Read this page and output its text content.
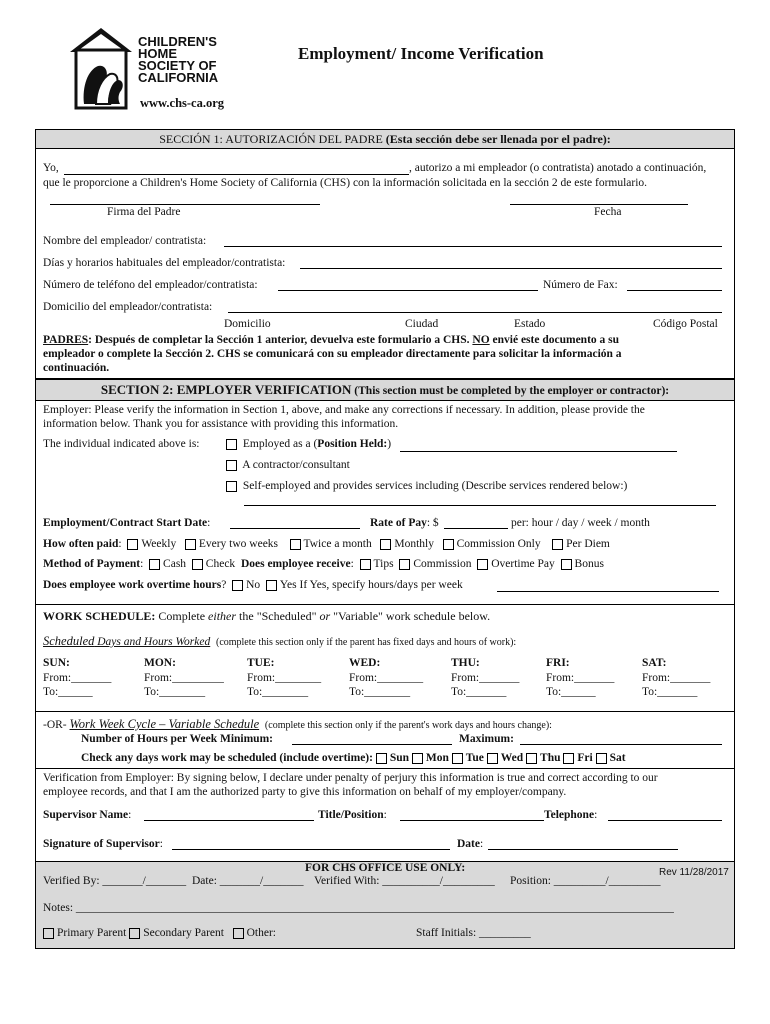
CHILDREN'S
HOME
SOCIETY OF
CALIFORNIA
www.chs-ca.org
Employment/ Income Verification
SECCIÓN 1: AUTORIZACIÓN DEL PADRE (Esta sección debe ser llenada por el padre):
Yo,	, autorizo a mi empleador (o contratista) anotado a continuación,
que le proporcione a Children's Home Society of California (CHS) con la información solicitada en la sección 2 de este formulario.
Firma del Padre	Fecha
Nombre del empleador/ contratista:
Días y horarios habituales del empleador/contratista:
Número de teléfono del empleador/contratista:	Número de Fax:
Domicilio del empleador/contratista:
Domicilio	Ciudad	Estado	Código Postal
PADRES: Después de completar la Sección 1 anterior, devuelva este formulario a CHS. NO envié este documento a su
empleador o complete la Sección 2. CHS se comunicará con su empleador directamente para solicitar la información a
continuación.
SECTION 2: EMPLOYER VERIFICATION (This section must be completed by the employer or contractor):
Employer: Please verify the information in Section 1, above, and make any corrections if necessary. In addition, please provide the
information below. Thank you for assistance with providing this information.
The individual indicated above is:	Employed as a (Position Held:)
A contractor/consultant
Self-employed and provides services including (Describe services rendered below:)
Employment/Contract Start Date:	Rate of Pay: $	per: hour / day / week / month
How often paid:  Weekly Every two weeks Twice a month Monthly Commission Only Per Diem
Method of Payment:  Cash Check Does employee receive:  Tips Commission Overtime Pay Bonus
Does employee work overtime hours?  No Yes If Yes, specify hours/days per week
WORK SCHEDULE: Complete either the "Scheduled" or "Variable" work schedule below.
Scheduled Days and Hours Worked (complete this section only if the parent has fixed days and hours of work):
SUN:	MON:	TUE:	WED:	THU:	FRI:	SAT:
From:_______	From:_________ From:________ From:________ From:_______ From:_______ From:_______
To:______	To:________	To:________	To:________	To:_______	To:______	To:_______
-OR- Work Week Cycle – Variable Schedule (complete this section only if the parent's work days and hours change):
Number of Hours per Week Minimum:	Maximum:
Check any days work may be scheduled (include overtime): Sun Mon Tue Wed Thu Fri Sat
Verification from Employer: By signing below, I declare under penalty of perjury this information is true and correct according to our
employee records, and that I am the authorized party to give this information on behalf of my employer/company.
Supervisor Name:	Title/Position:	Telephone:
Signature of Supervisor:	Date:
FOR CHS OFFICE USE ONLY:	Rev 11/28/2017
Verified By: _______/_______ Date: _______/_______ Verified With: __________/_________ Position: _________/_________
Notes: ________________________________________________________________________________________________________
Primary Parent Secondary Parent Other:	Staff Initials: _________
